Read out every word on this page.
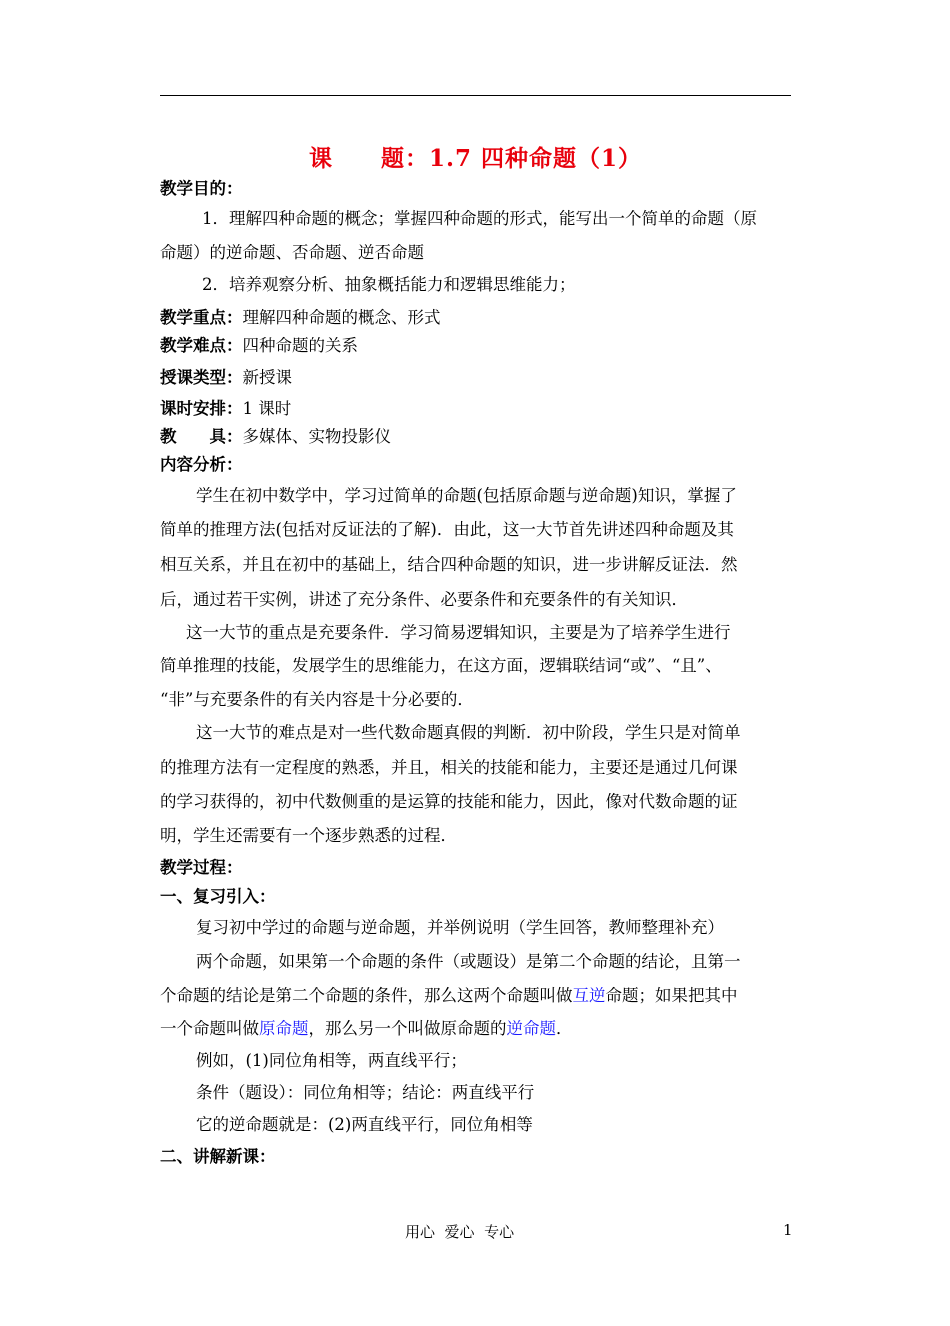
课　　题：1.7 四种命题（1）
教学目的：
1．理解四种命题的概念；掌握四种命题的形式，能写出一个简单的命题（原
命题）的逆命题、否命题、逆否命题
2．培养观察分析、抽象概括能力和逻辑思维能力；
教学重点：理解四种命题的概念、形式
教学难点：四种命题的关系
授课类型：新授课
课时安排：1 课时
教　　具：多媒体、实物投影仪
内容分析：
学生在初中数学中，学习过简单的命题(包括原命题与逆命题)知识，掌握了
简单的推理方法(包括对反证法的了解)．由此，这一大节首先讲述四种命题及其
相互关系，并且在初中的基础上，结合四种命题的知识，进一步讲解反证法．然
后，通过若干实例，讲述了充分条件、必要条件和充要条件的有关知识．
这一大节的重点是充要条件．学习简易逻辑知识，主要是为了培养学生进行
简单推理的技能，发展学生的思维能力，在这方面，逻辑联结词“或”、“且”、
“非”与充要条件的有关内容是十分必要的．
这一大节的难点是对一些代数命题真假的判断．初中阶段，学生只是对简单
的推理方法有一定程度的熟悉，并且，相关的技能和能力，主要还是通过几何课
的学习获得的，初中代数侧重的是运算的技能和能力，因此，像对代数命题的证
明，学生还需要有一个逐步熟悉的过程．
教学过程：
一、复习引入：
复习初中学过的命题与逆命题，并举例说明（学生回答，教师整理补充）
两个命题，如果第一个命题的条件（或题设）是第二个命题的结论，且第一
个命题的结论是第二个命题的条件，那么这两个命题叫做互逆命题；如果把其中
一个命题叫做原命题，那么另一个叫做原命题的逆命题．
例如，(1)同位角相等，两直线平行；
条件（题设）：同位角相等；结论：两直线平行
它的逆命题就是：(2)两直线平行，同位角相等
二、讲解新课：
用心  爱心  专心	1
